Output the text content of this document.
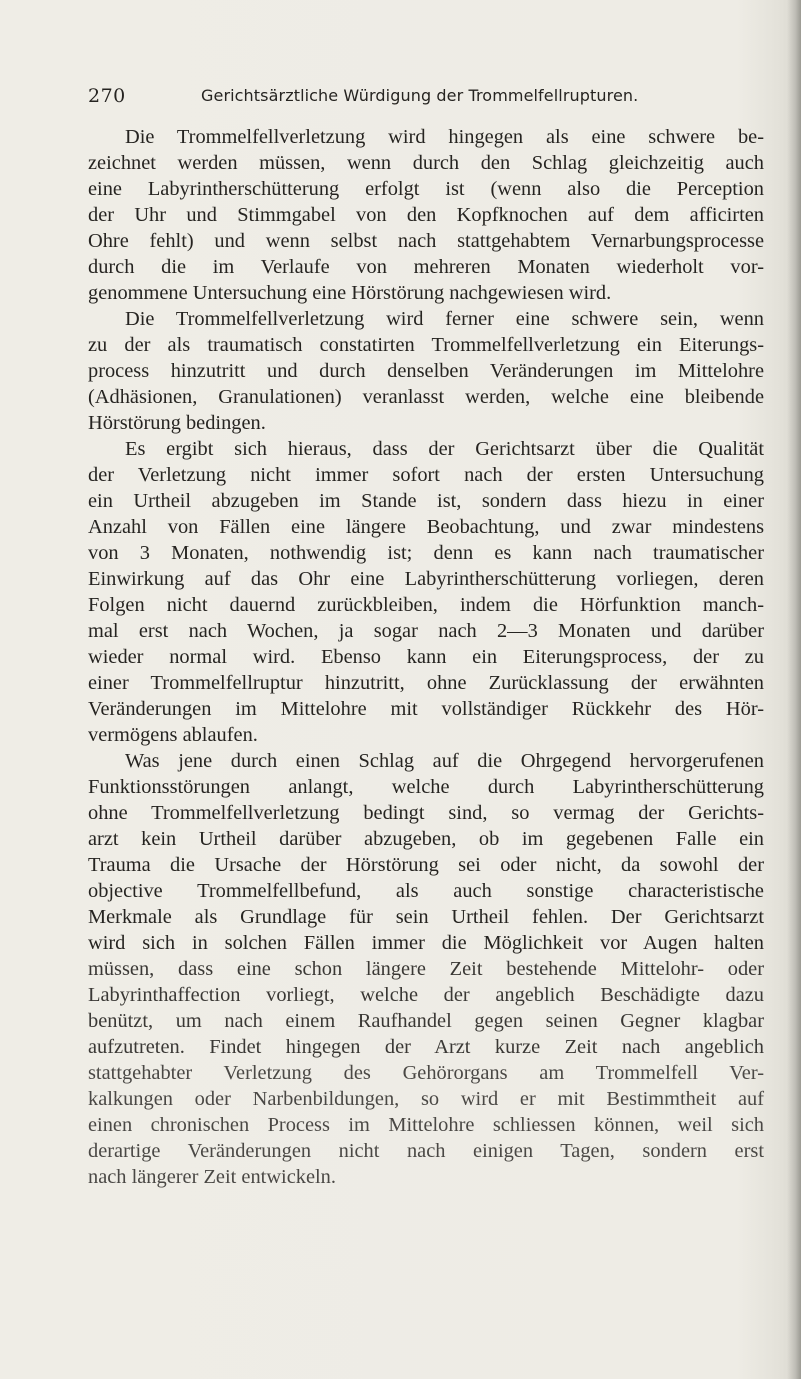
270	Gerichtsärztliche Würdigung der Trommelfellrupturen.
Die Trommelfellverletzung wird hingegen als eine schwere be-
zeichnet werden müssen, wenn durch den Schlag gleichzeitig auch
eine Labyrintherschütterung erfolgt ist (wenn also die Perception
der Uhr und Stimmgabel von den Kopfknochen auf dem afficirten
Ohre fehlt) und wenn selbst nach stattgehabtem Vernarbungsprocesse
durch die im Verlaufe von mehreren Monaten wiederholt vor-
genommene Untersuchung eine Hörstörung nachgewiesen wird.
Die Trommelfellverletzung wird ferner eine schwere sein, wenn
zu der als traumatisch constatirten Trommelfellverletzung ein Eiterungs-
process hinzutritt und durch denselben Veränderungen im Mittelohre
(Adhäsionen, Granulationen) veranlasst werden, welche eine bleibende
Hörstörung bedingen.
Es ergibt sich hieraus, dass der Gerichtsarzt über die Qualität
der Verletzung nicht immer sofort nach der ersten Untersuchung
ein Urtheil abzugeben im Stande ist, sondern dass hiezu in einer
Anzahl von Fällen eine längere Beobachtung, und zwar mindestens
von 3 Monaten, nothwendig ist; denn es kann nach traumatischer
Einwirkung auf das Ohr eine Labyrintherschütterung vorliegen, deren
Folgen nicht dauernd zurückbleiben, indem die Hörfunktion manch-
mal erst nach Wochen, ja sogar nach 2—3 Monaten und darüber
wieder normal wird. Ebenso kann ein Eiterungsprocess, der zu
einer Trommelfellruptur hinzutritt, ohne Zurücklassung der erwähnten
Veränderungen im Mittelohre mit vollständiger Rückkehr des Hör-
vermögens ablaufen.
Was jene durch einen Schlag auf die Ohrgegend hervorgerufenen
Funktionsstörungen anlangt, welche durch Labyrintherschütterung
ohne Trommelfellverletzung bedingt sind, so vermag der Gerichts-
arzt kein Urtheil darüber abzugeben, ob im gegebenen Falle ein
Trauma die Ursache der Hörstörung sei oder nicht, da sowohl der
objective Trommelfellbefund, als auch sonstige characteristische
Merkmale als Grundlage für sein Urtheil fehlen. Der Gerichtsarzt
wird sich in solchen Fällen immer die Möglichkeit vor Augen halten
müssen, dass eine schon längere Zeit bestehende Mittelohr- oder
Labyrinthaffection vorliegt, welche der angeblich Beschädigte dazu
benützt, um nach einem Raufhandel gegen seinen Gegner klagbar
aufzutreten. Findet hingegen der Arzt kurze Zeit nach angeblich
stattgehabter Verletzung des Gehörorgans am Trommelfell Ver-
kalkungen oder Narbenbildungen, so wird er mit Bestimmtheit auf
einen chronischen Process im Mittelohre schliessen können, weil sich
derartige Veränderungen nicht nach einigen Tagen, sondern erst
nach längerer Zeit entwickeln.
